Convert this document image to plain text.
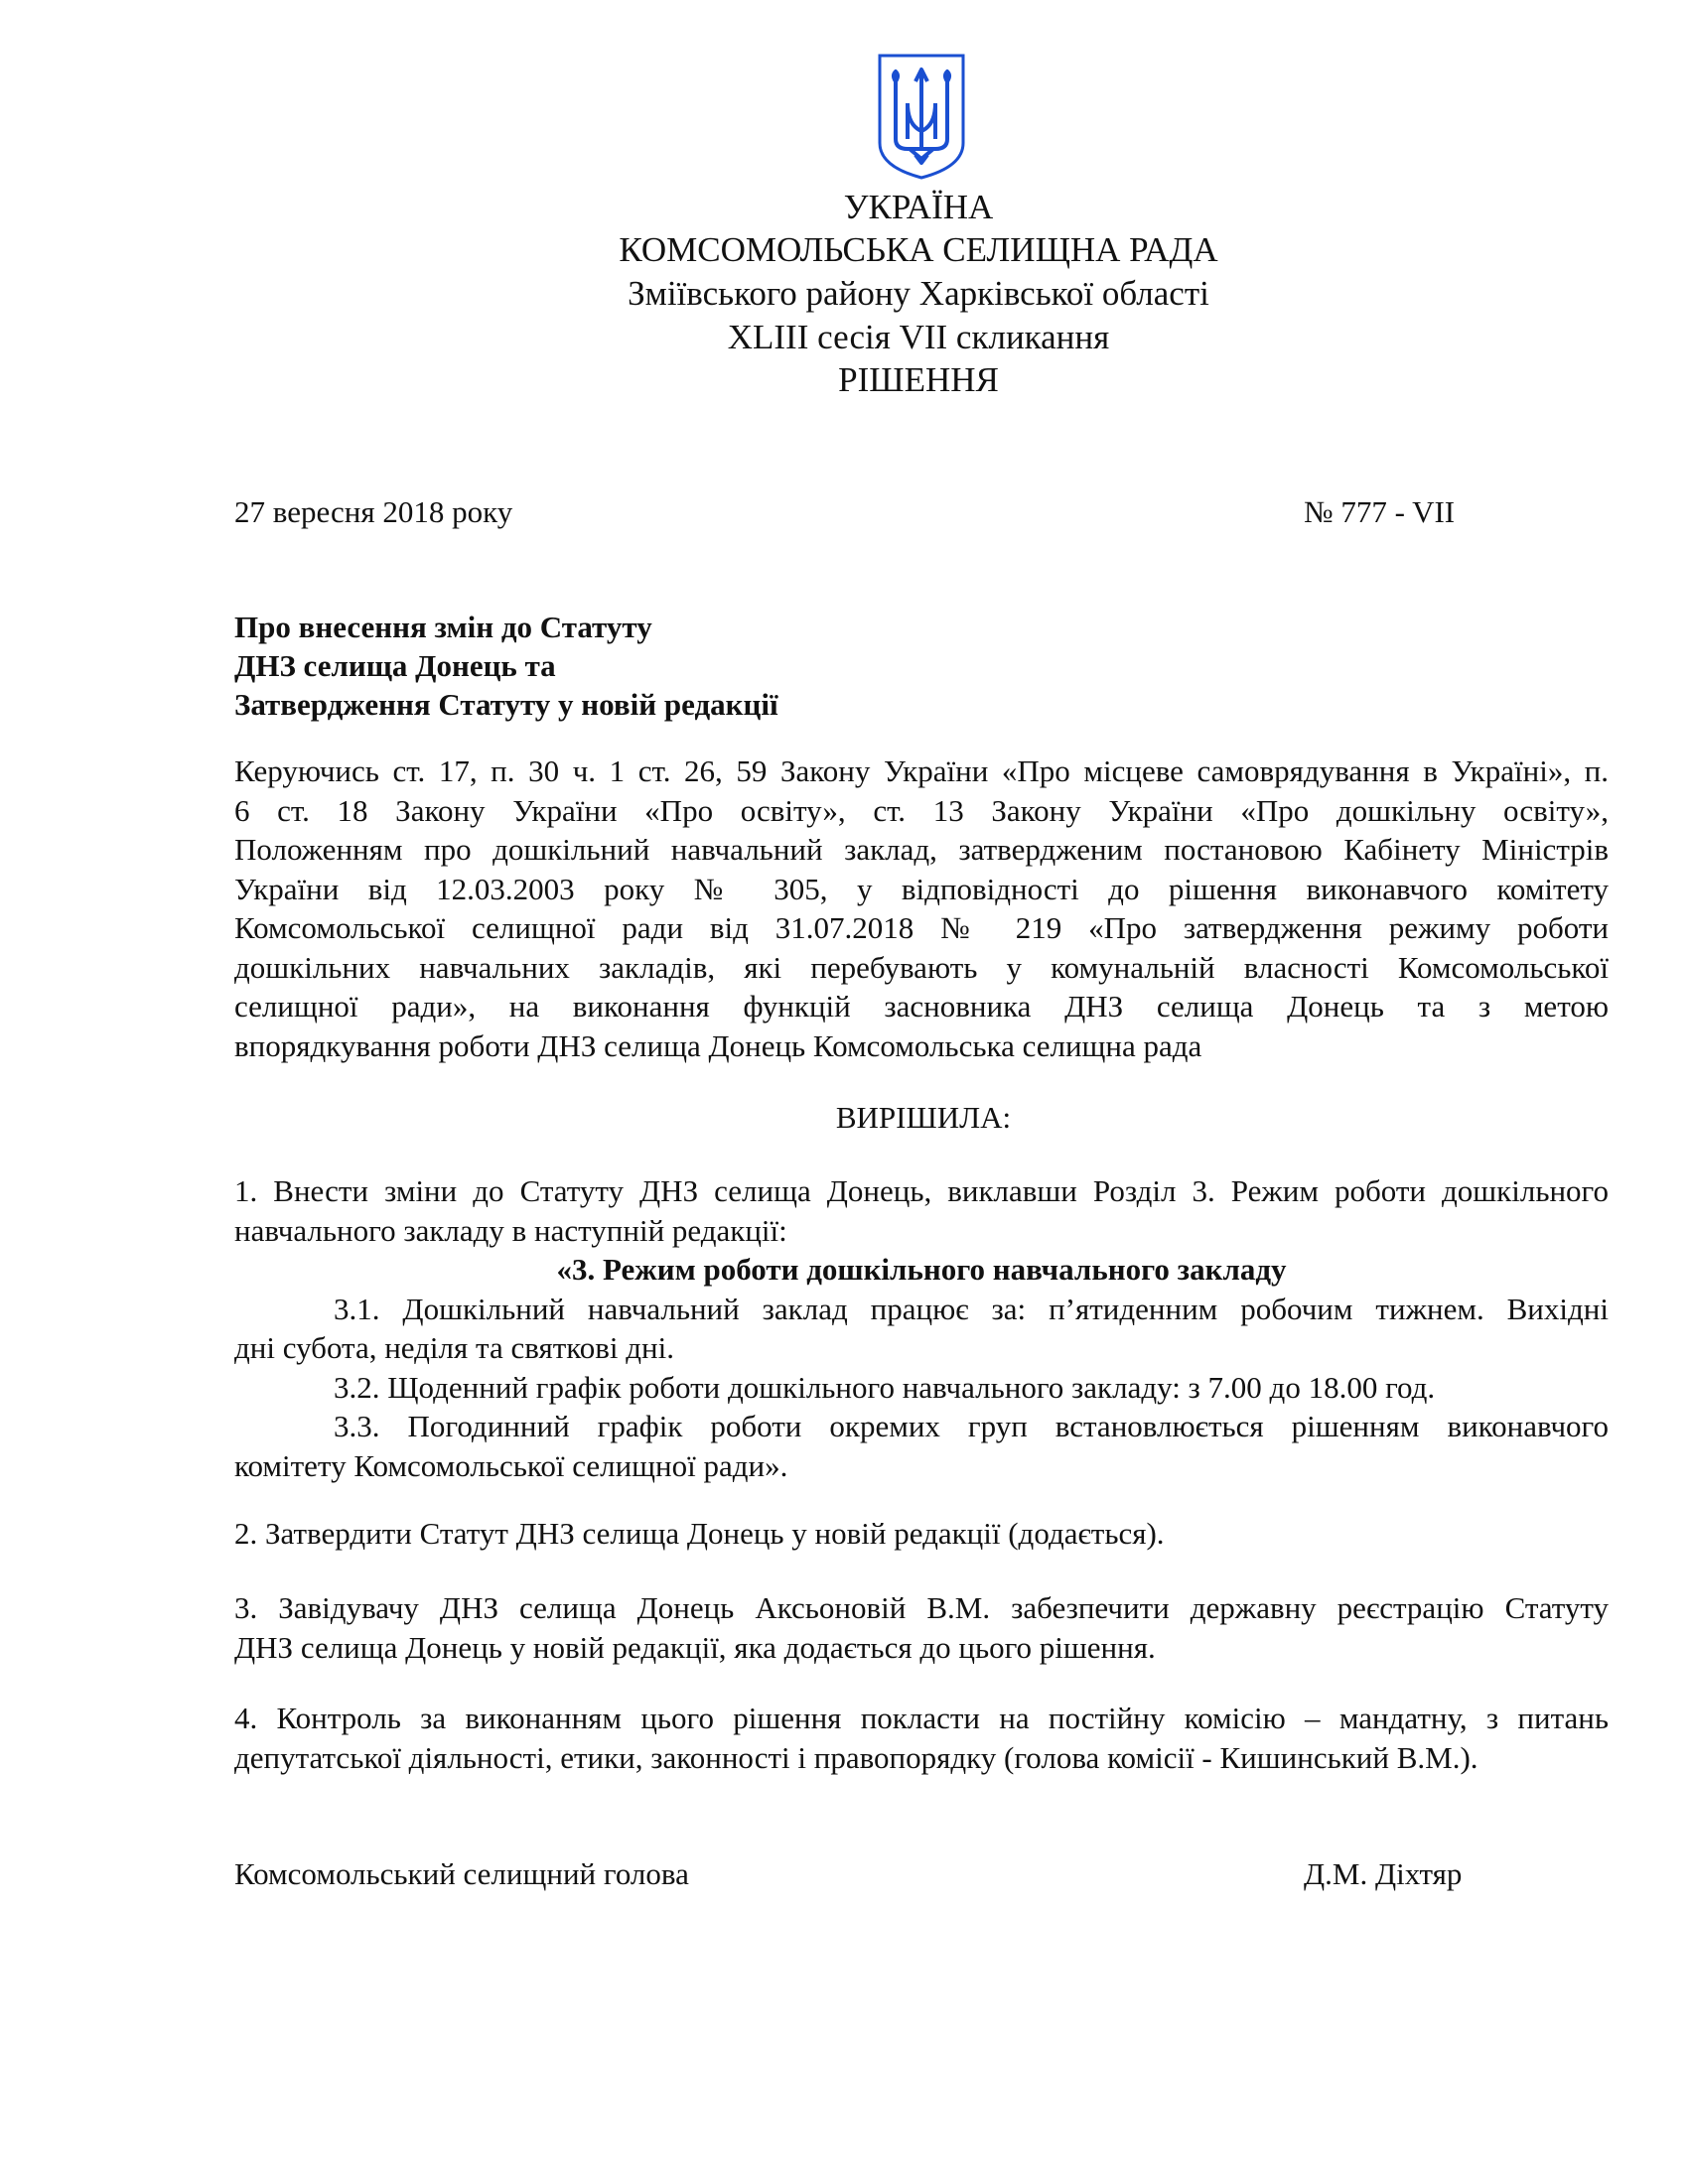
УКРАЇНА
КОМСОМОЛЬСЬКА СЕЛИЩНА РАДА
Зміївського району Харківської області
XLIII сесія VII скликання
РІШЕННЯ
27 вересня 2018 року	№ 777 - VII
Про внесення змін до Статуту
ДНЗ селища Донець та
Затвердження Статуту у новій редакції
Керуючись ст. 17, п. 30 ч. 1 ст. 26, 59 Закону України «Про місцеве самоврядування в Україні», п.
6 ст. 18 Закону України «Про освіту», ст. 13 Закону України «Про дошкільну освіту»,
Положенням про дошкільний навчальний заклад, затвердженим постановою Кабінету Міністрів
України від 12.03.2003 року № 305, у відповідності до рішення виконавчого комітету
Комсомольської селищної ради від 31.07.2018 № 219 «Про затвердження режиму роботи
дошкільних навчальних закладів, які перебувають у комунальній власності Комсомольської
селищної ради», на виконання функцій засновника ДНЗ селища Донець та з метою
впорядкування роботи ДНЗ селища Донець Комсомольська селищна рада
ВИРІШИЛА:
1. Внести зміни до Статуту ДНЗ селища Донець, виклавши Розділ 3. Режим роботи дошкільного
навчального закладу в наступній редакції:
«3. Режим роботи дошкільного навчального закладу
3.1. Дошкільний навчальний заклад працює за: п’ятиденним робочим тижнем. Вихідні
дні субота, неділя та святкові дні.
3.2. Щоденний графік роботи дошкільного навчального закладу: з 7.00 до 18.00 год.
3.3. Погодинний графік роботи окремих груп встановлюється рішенням виконавчого
комітету Комсомольської селищної ради».
2. Затвердити Статут ДНЗ селища Донець у новій редакції (додається).
3. Завідувачу ДНЗ селища Донець Аксьоновій В.М. забезпечити державну реєстрацію Статуту
ДНЗ селища Донець у новій редакції, яка додається до цього рішення.
4. Контроль за виконанням цього рішення покласти на постійну комісію – мандатну, з питань
депутатської діяльності, етики, законності і правопорядку (голова комісії - Кишинський В.М.).
Комсомольський селищний голова	Д.М. Діхтяр
